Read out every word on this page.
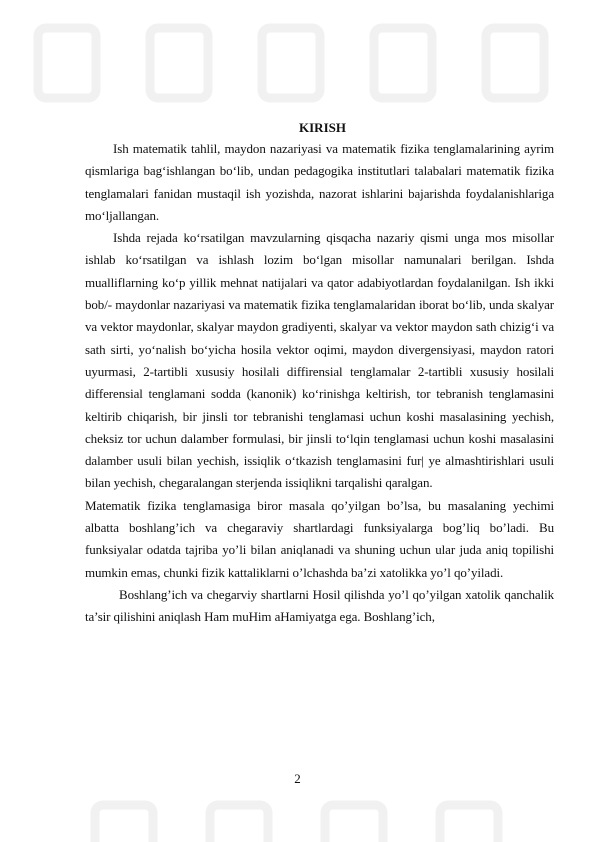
KIRISH

Ish matematik tahlil, maydon nazariyasi va matematik fizika tenglamalarining ayrim qismlariga bag‘ishlangan bo‘lib, undan pedagogika institutlari talabalari matematik fizika tenglamalari fanidan mustaqil ish yozishda, nazorat ishlarini bajarishda foydalanishlariga mo‘ljallangan.

Ishda rejada ko‘rsatilgan mavzularning qisqacha nazariy qismi unga mos misollar ishlab ko‘rsatilgan va ishlash lozim bo‘lgan misollar namunalari berilgan. Ishda mualliflarning ko‘p yillik mehnat natijalari va qator adabiyotlardan foydalanilgan. Ish ikki bob/- maydonlar nazariyasi va matematik fizika tenglamalaridan iborat bo‘lib, unda skalyar va vektor maydonlar, skalyar maydon gradiyenti, skalyar va vektor maydon sath chizig‘i va sath sirti, yo‘nalish bo‘yicha hosila vektor oqimi, maydon divergensiyasi, maydon ratori uyurmasi, 2-tartibli xususiy hosilali diffirensial tenglamalar 2-tartibli xususiy hosilali differensial tenglamani sodda (kanonik) ko‘rinishga keltirish, tor tebranish tenglamasini keltirib chiqarish, bir jinsli tor tebranishi tenglamasi uchun koshi masalasining yechish, cheksiz tor uchun dalamber formulasi, bir jinsli to‘lqin tenglamasi uchun koshi masalasini dalamber usuli bilan yechish, issiqlik o‘tkazish tenglamasini fur| ye almashtirishlari usuli bilan yechish, chegaralangan sterjenda issiqlikni tarqalishi qaralgan.

Matematik fizika tenglamasiga biror masala qo’yilgan bo’lsa, bu masalaning yechimi albatta boshlang’ich va chegaraviy shartlardagi funksiyalarga bog’liq bo’ladi. Bu funksiyalar odatda tajriba yo’li bilan aniqlanadi va shuning uchun ular juda aniq topilishi mumkin emas, chunki fizik kattaliklarni o’lchashda ba’zi xatolikka yo’l qo’yiladi.

Boshlang’ich va chegarviy shartlarni Hosil qilishda yo’l qo’yilgan xatolik qanchalik ta’sir qilishini aniqlash Ham muHim aHamiyatga ega. Boshlang’ich,

2
